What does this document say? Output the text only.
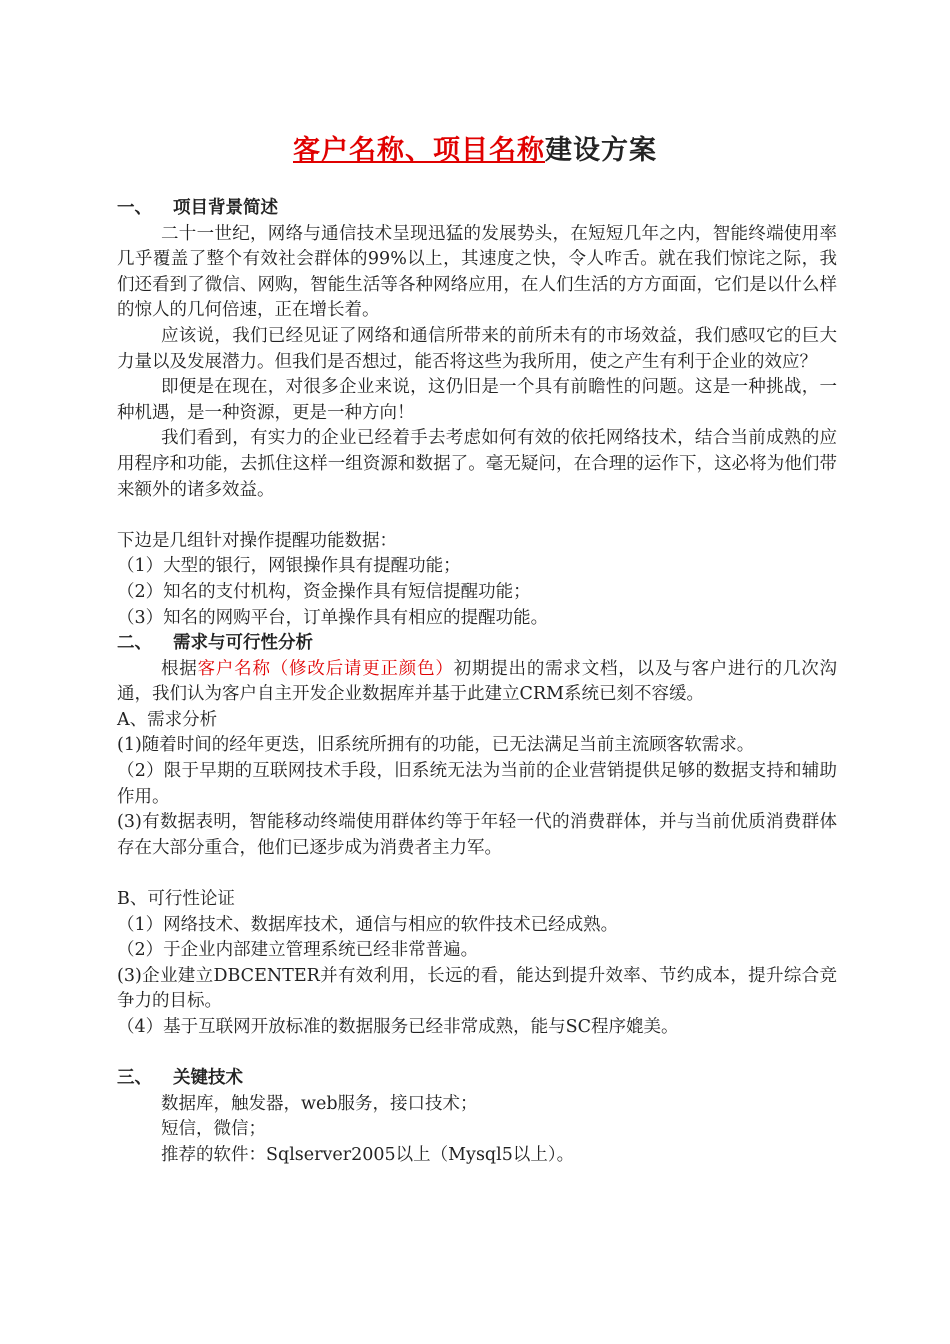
客户名称、项目名称建设方案
一、 项目背景简述

二十一世纪，网络与通信技术呈现迅猛的发展势头，在短短几年之内，智能终端使用率几乎覆盖了整个有效社会群体的99%以上，其速度之快，令人咋舌。就在我们惊诧之际，我们还看到了微信、网购，智能生活等各种网络应用，在人们生活的方方面面，它们是以什么样的惊人的几何倍速，正在增长着。

应该说，我们已经见证了网络和通信所带来的前所未有的市场效益，我们感叹它的巨大力量以及发展潜力。但我们是否想过，能否将这些为我所用，使之产生有利于企业的效应？

即便是在现在，对很多企业来说，这仍旧是一个具有前瞻性的问题。这是一种挑战，一种机遇，是一种资源，更是一种方向！

我们看到，有实力的企业已经着手去考虑如何有效的依托网络技术，结合当前成熟的应用程序和功能，去抓住这样一组资源和数据了。毫无疑问，在合理的运作下，这必将为他们带来额外的诸多效益。

下边是几组针对操作提醒功能数据：

（1）大型的银行，网银操作具有提醒功能；

（2）知名的支付机构，资金操作具有短信提醒功能；

（3）知名的网购平台，订单操作具有相应的提醒功能。

二、 需求与可行性分析

根据客户名称（修改后请更正颜色）初期提出的需求文档，以及与客户进行的几次沟通，我们认为客户自主开发企业数据库并基于此建立CRM系统已刻不容缓。

A、需求分析

(1)随着时间的经年更迭，旧系统所拥有的功能，已无法满足当前主流顾客软需求。

（2）限于早期的互联网技术手段，旧系统无法为当前的企业营销提供足够的数据支持和辅助作用。

(3)有数据表明，智能移动终端使用群体约等于年轻一代的消费群体，并与当前优质消费群体存在大部分重合，他们已逐步成为消费者主力军。

B、可行性论证

（1）网络技术、数据库技术，通信与相应的软件技术已经成熟。

（2）于企业内部建立管理系统已经非常普遍。

(3)企业建立DBCENTER并有效利用，长远的看，能达到提升效率、节约成本，提升综合竞争力的目标。

（4）基于互联网开放标准的数据服务已经非常成熟，能与SC程序媲美。

三、 关键技术

数据库，触发器，web服务，接口技术；

短信，微信；

推荐的软件：Sqlserver2005以上（Mysql5以上）。
